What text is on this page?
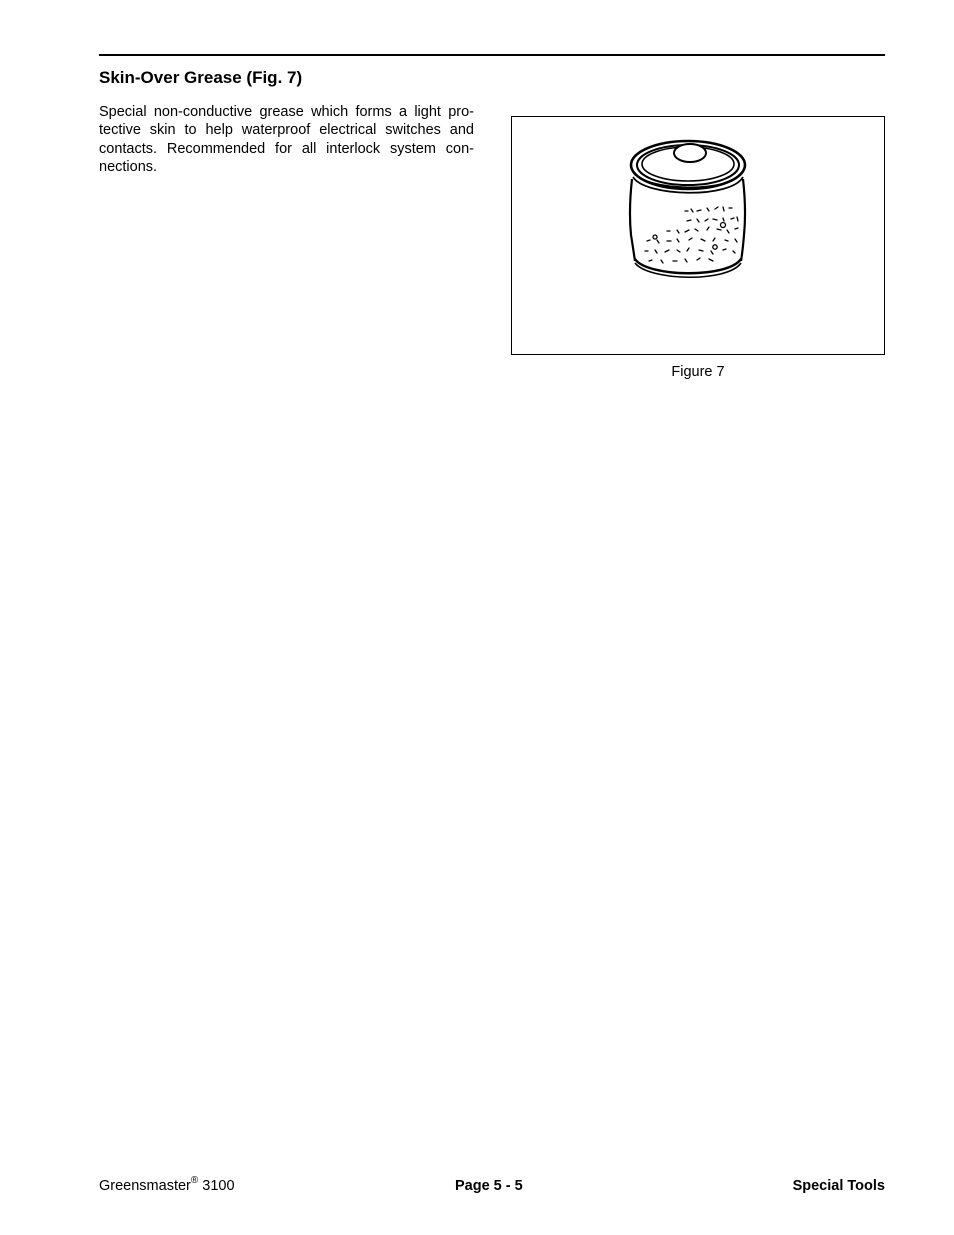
Skin-Over Grease (Fig. 7)

Special non-conductive grease which forms a light pro-
tective skin to help waterproof electrical switches and
contacts. Recommended for all interlock system con-
nections.

Figure 7

Greensmaster® 3100	Page 5 - 5	Special Tools
